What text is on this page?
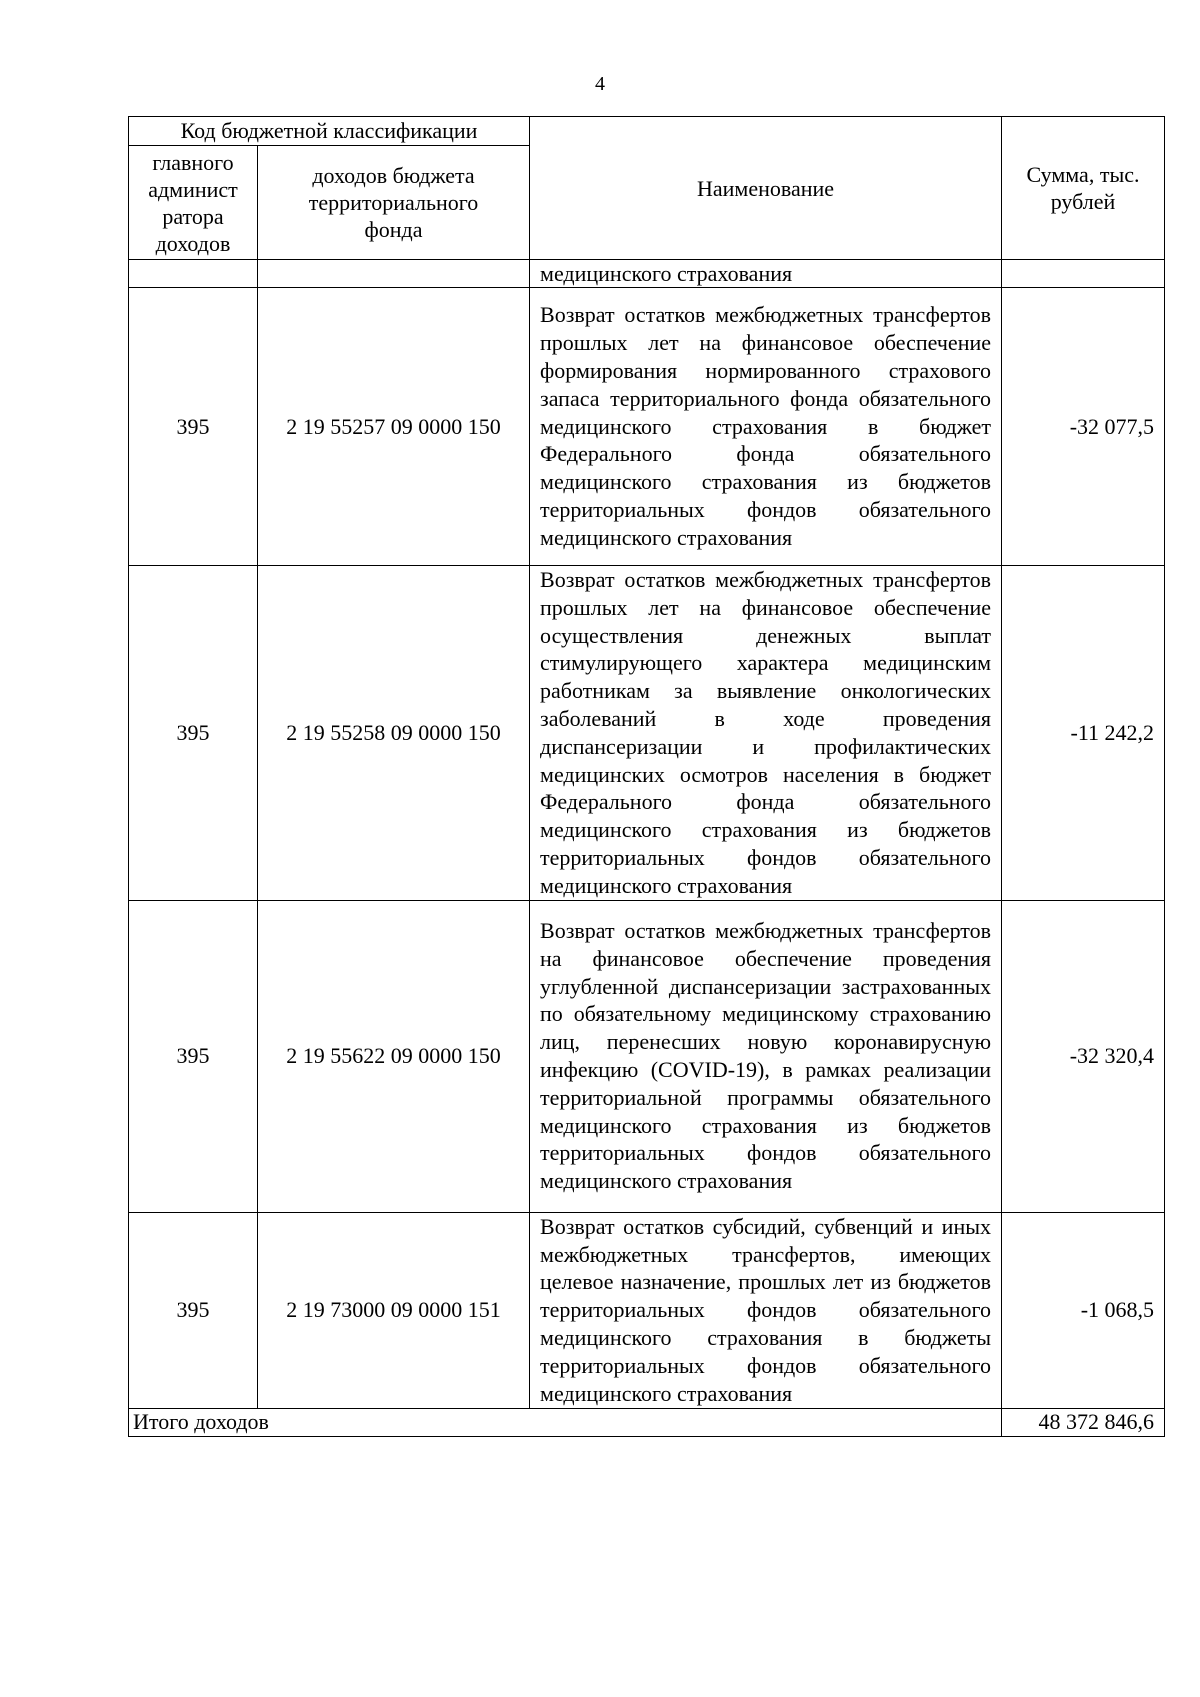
4
Код бюджетной классификации		Наименование	Сумма, тыс. рублей
главного админист ратора доходов	доходов бюджета территориального фонда		
		медицинского страхования	
395	2 19 55257 09 0000 150	Возврат остатков межбюджетных трансфертов прошлых лет на финансовое обеспечение формирования нормированного страхового запаса территориального фонда обязательного медицинского страхования в бюджет Федерального фонда обязательного медицинского страхования из бюджетов территориальных фондов обязательного медицинского страхования	-32 077,5
395	2 19 55258 09 0000 150	Возврат остатков межбюджетных трансфертов прошлых лет на финансовое обеспечение осуществления денежных выплат стимулирующего характера медицинским работникам за выявление онкологических заболеваний в ходе проведения диспансеризации и профилактических медицинских осмотров населения в бюджет Федерального фонда обязательного медицинского страхования из бюджетов территориальных фондов обязательного медицинского страхования	-11 242,2
395	2 19 55622 09 0000 150	Возврат остатков межбюджетных трансфертов на финансовое обеспечение проведения углубленной диспансеризации застрахованных по обязательному медицинскому страхованию лиц, перенесших новую коронавирусную инфекцию (COVID-19), в рамках реализации территориальной программы обязательного медицинского страхования из бюджетов территориальных фондов обязательного медицинского страхования	-32 320,4
395	2 19 73000 09 0000 151	Возврат остатков субсидий, субвенций и иных межбюджетных трансфертов, имеющих целевое назначение, прошлых лет из бюджетов территориальных фондов обязательного медицинского страхования в бюджеты территориальных фондов обязательного медицинского страхования	-1 068,5
Итого доходов			48 372 846,6
